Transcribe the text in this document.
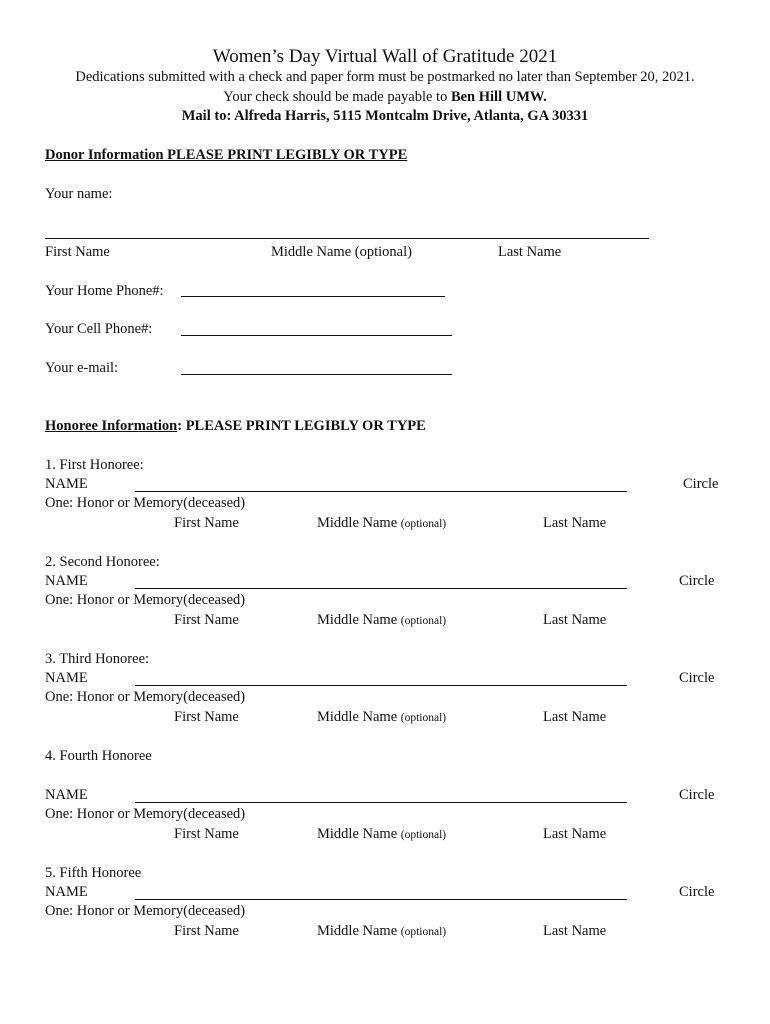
Women’s Day Virtual Wall of Gratitude 2021
Dedications submitted with a check and paper form must be postmarked no later than September 20, 2021.
Your check should be made payable to Ben Hill UMW.
Mail to: Alfreda Harris, 5115 Montcalm Drive, Atlanta, GA 30331
Donor Information PLEASE PRINT LEGIBLY OR TYPE
Your name:
First Name	Middle Name (optional)	Last Name
Your Home Phone#:
Your Cell Phone#:
Your e-mail:
Honoree Information: PLEASE PRINT LEGIBLY OR TYPE
1. First Honoree:
NAME	Circle
One: Honor or Memory(deceased)
First Name	Middle Name (optional)	Last Name
2. Second Honoree:
NAME	Circle
One: Honor or Memory(deceased)
First Name	Middle Name (optional)	Last Name
3. Third Honoree:
NAME	Circle
One: Honor or Memory(deceased)
First Name	Middle Name (optional)	Last Name
4. Fourth Honoree
NAME	Circle
One: Honor or Memory(deceased)
First Name	Middle Name (optional)	Last Name
5. Fifth Honoree
NAME	Circle
One: Honor or Memory(deceased)
First Name	Middle Name (optional)	Last Name
